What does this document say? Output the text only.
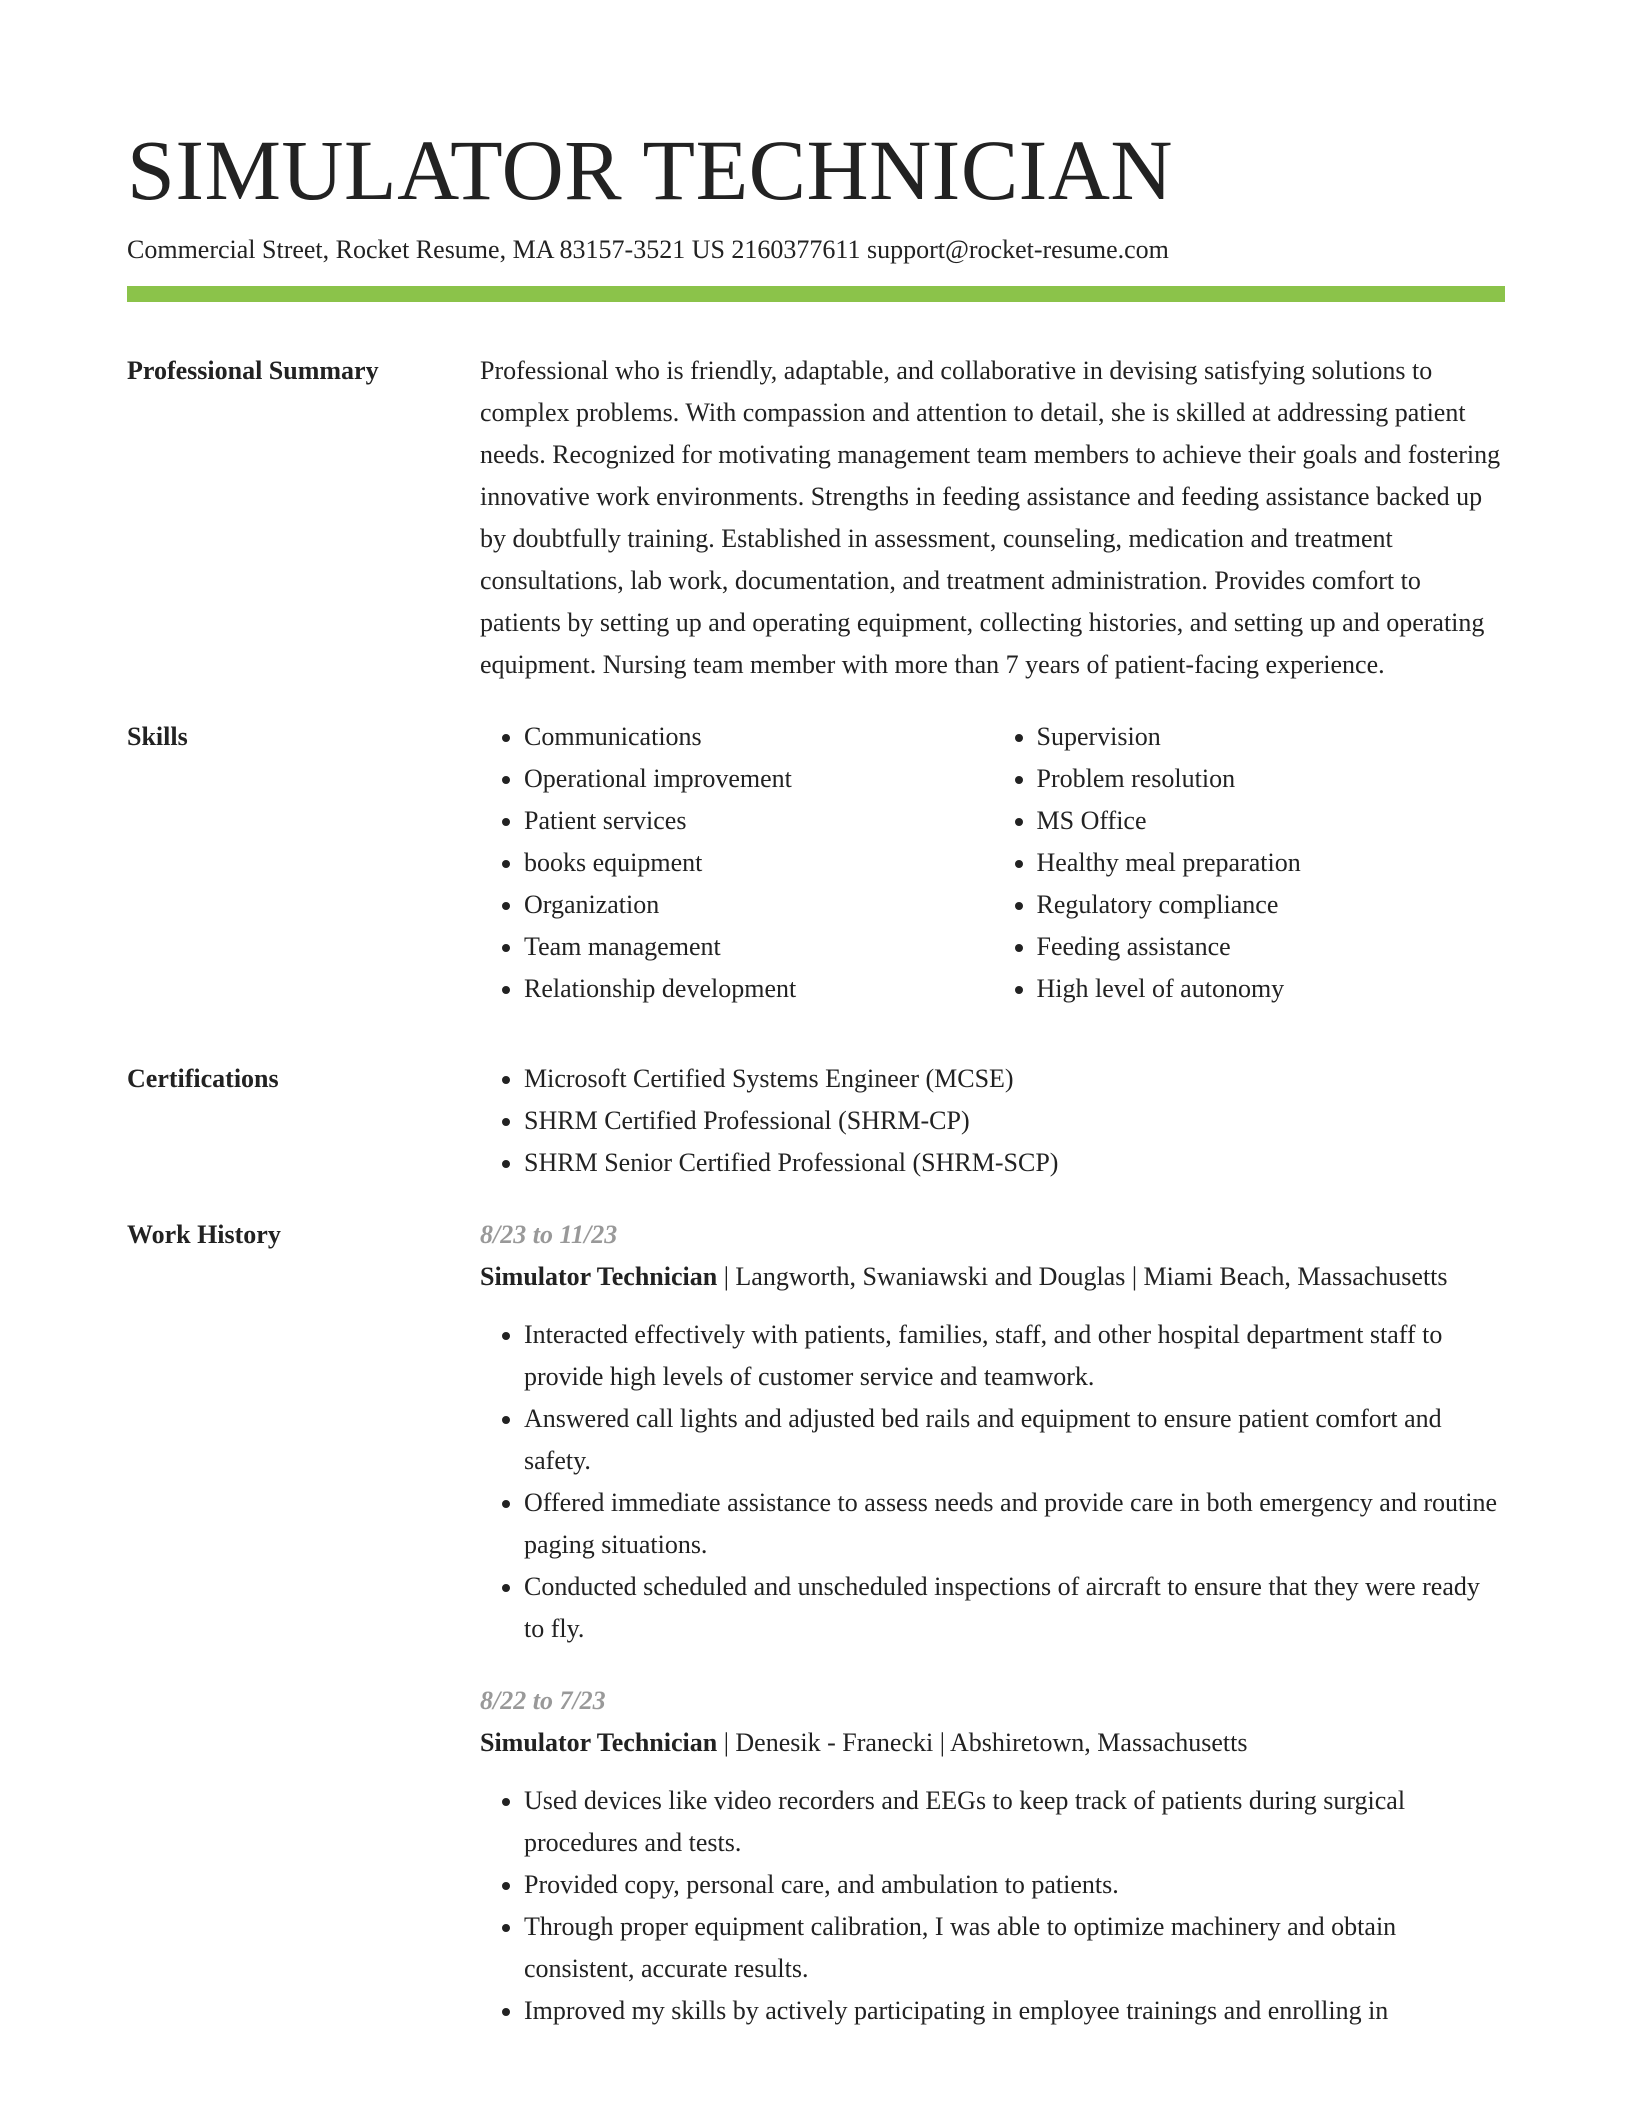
SIMULATOR TECHNICIAN
Commercial Street, Rocket Resume, MA 83157-3521 US 2160377611 support@rocket-resume.com
Professional Summary	Professional who is friendly, adaptable, and collaborative in devising satisfying solutions to complex problems. With compassion and attention to detail, she is skilled at addressing patient needs. Recognized for motivating management team members to achieve their goals and fostering innovative work environments. Strengths in feeding assistance and feeding assistance backed up by doubtfully training. Established in assessment, counseling, medication and treatment consultations, lab work, documentation, and treatment administration. Provides comfort to patients by setting up and operating equipment, collecting histories, and setting up and operating equipment. Nursing team member with more than 7 years of patient-facing experience.

Skills	• Communications
• Operational improvement
• Patient services
• books equipment
• Organization
• Team management
• Relationship development
• Supervision
• Problem resolution
• MS Office
• Healthy meal preparation
• Regulatory compliance
• Feeding assistance
• High level of autonomy
Certifications	• Microsoft Certified Systems Engineer (MCSE)
• SHRM Certified Professional (SHRM-CP)
• SHRM Senior Certified Professional (SHRM-SCP)
Work History	8/23 to 11/23
Simulator Technician | Langworth, Swaniawski and Douglas | Miami Beach, Massachusetts
• Interacted effectively with patients, families, staff, and other hospital department staff to provide high levels of customer service and teamwork.
• Answered call lights and adjusted bed rails and equipment to ensure patient comfort and safety.
• Offered immediate assistance to assess needs and provide care in both emergency and routine paging situations.
• Conducted scheduled and unscheduled inspections of aircraft to ensure that they were ready to fly.
8/22 to 7/23
Simulator Technician | Denesik - Franecki | Abshiretown, Massachusetts
• Used devices like video recorders and EEGs to keep track of patients during surgical procedures and tests.
• Provided copy, personal care, and ambulation to patients.
• Through proper equipment calibration, I was able to optimize machinery and obtain consistent, accurate results.
• Improved my skills by actively participating in employee trainings and enrolling in
